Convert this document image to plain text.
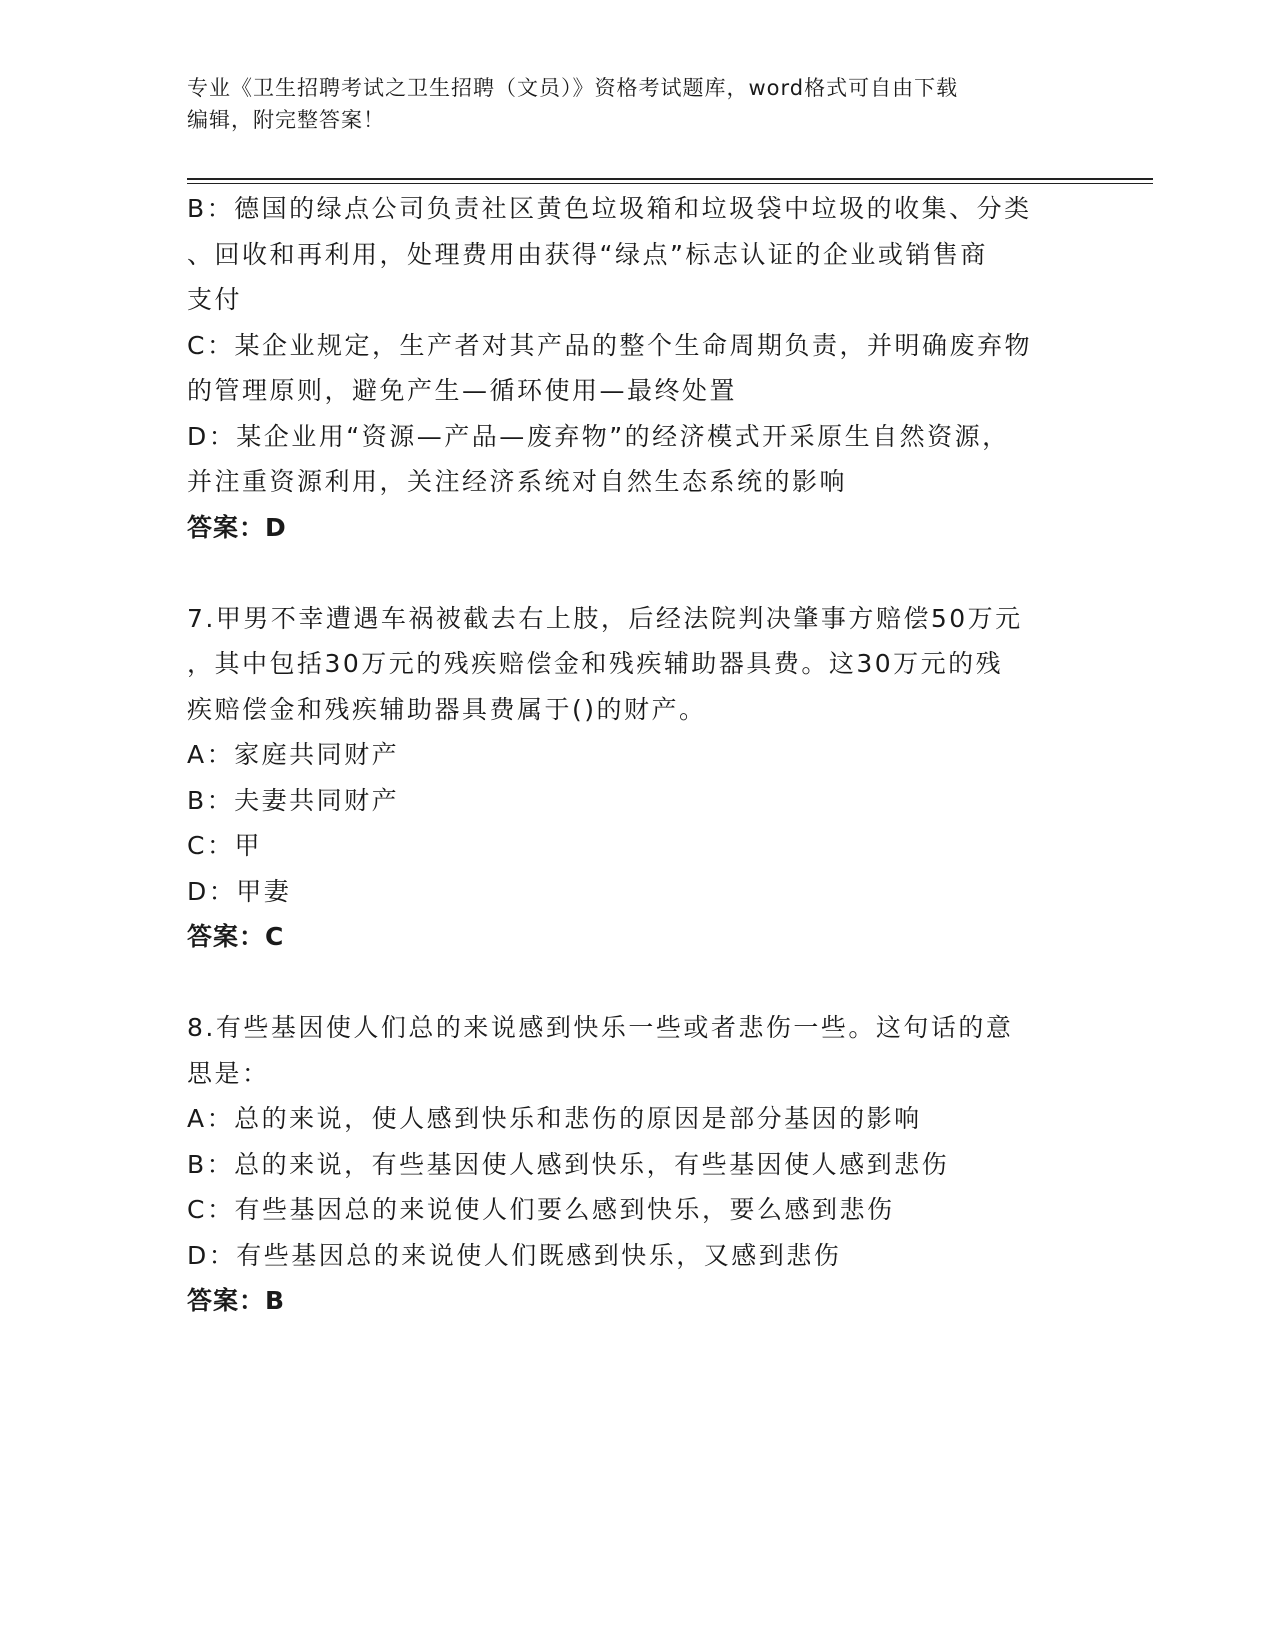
专业《卫生招聘考试之卫生招聘（文员）》资格考试题库，word格式可自由下载
编辑，附完整答案！
B：德国的绿点公司负责社区黄色垃圾箱和垃圾袋中垃圾的收集、分类
、回收和再利用，处理费用由获得“绿点”标志认证的企业或销售商
支付
C：某企业规定，生产者对其产品的整个生命周期负责，并明确废弃物
的管理原则，避免产生—循环使用—最终处置
D：某企业用“资源—产品—废弃物”的经济模式开采原生自然资源，
并注重资源利用，关注经济系统对自然生态系统的影响
答案：D
7.甲男不幸遭遇车祸被截去右上肢，后经法院判决肇事方赔偿50万元
，其中包括30万元的残疾赔偿金和残疾辅助器具费。这30万元的残
疾赔偿金和残疾辅助器具费属于()的财产。
A：家庭共同财产
B：夫妻共同财产
C：甲
D：甲妻
答案：C
8.有些基因使人们总的来说感到快乐一些或者悲伤一些。这句话的意
思是：
A：总的来说，使人感到快乐和悲伤的原因是部分基因的影响
B：总的来说，有些基因使人感到快乐，有些基因使人感到悲伤
C：有些基因总的来说使人们要么感到快乐，要么感到悲伤
D：有些基因总的来说使人们既感到快乐，又感到悲伤
答案：B
